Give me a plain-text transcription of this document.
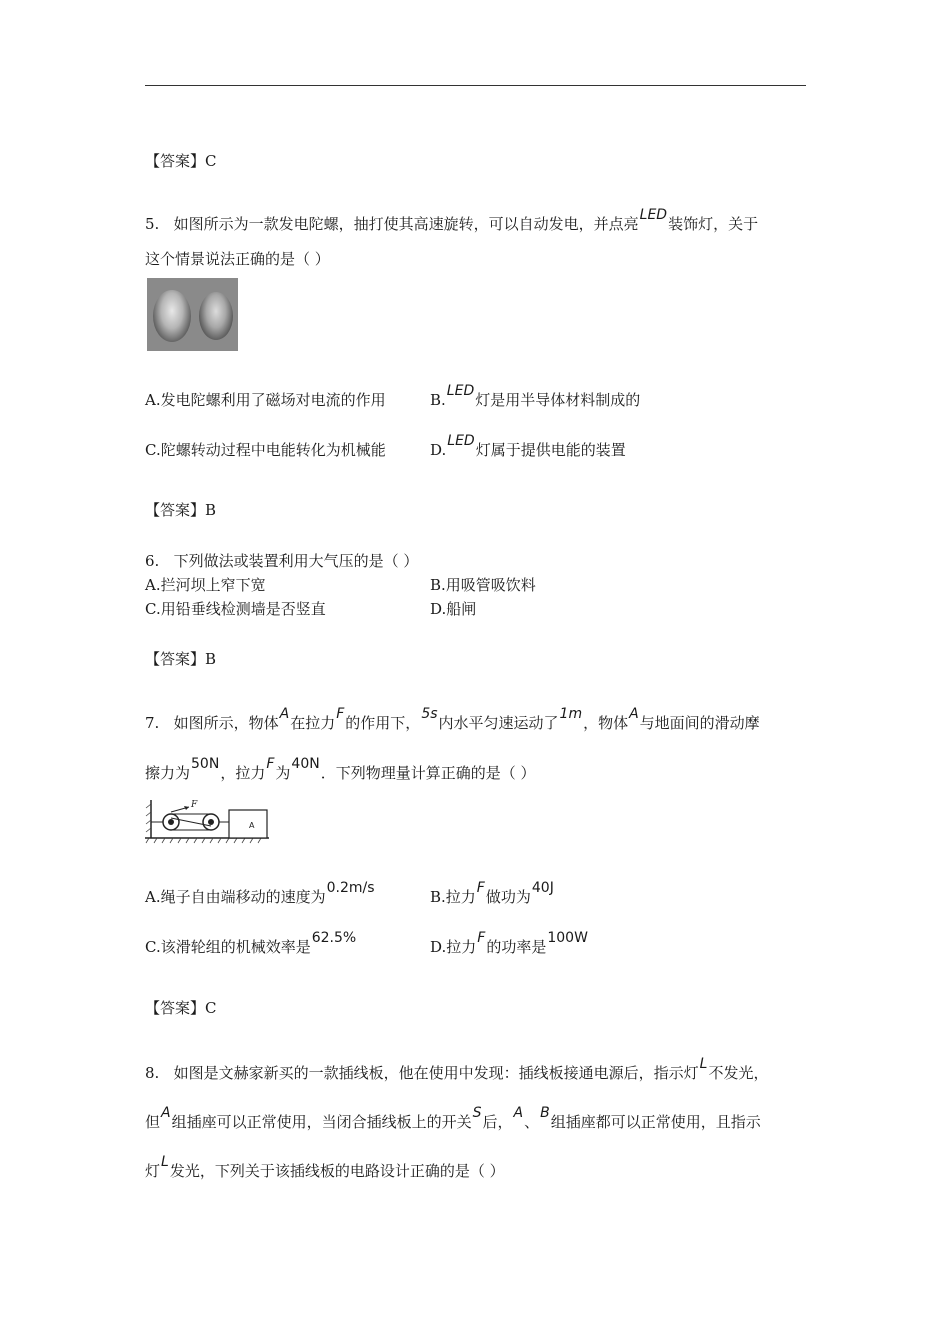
【答案】C
5. 如图所示为一款发电陀螺，抽打使其高速旋转，可以自动发电，并点亮LED装饰灯，关于
这个情景说法正确的是（ ）
A.发电陀螺利用了磁场对电流的作用	B.LED灯是用半导体材料制成的
C.陀螺转动过程中电能转化为机械能	D.LED灯属于提供电能的装置
【答案】B
6. 下列做法或装置利用大气压的是（ ）
A.拦河坝上窄下宽	B.用吸管吸饮料
C.用铅垂线检测墙是否竖直	D.船闸
【答案】B
7. 如图所示，物体A在拉力F的作用下，5s内水平匀速运动了1m，物体A与地面间的滑动摩
擦力为50N，拉力F为40N．下列物理量计算正确的是（ ）
F
A
A.绳子自由端移动的速度为0.2m/s	B.拉力F做功为40J
C.该滑轮组的机械效率是62.5%	D.拉力F的功率是100W
【答案】C
8. 如图是文赫家新买的一款插线板，他在使用中发现：插线板接通电源后，指示灯L不发光，
但A组插座可以正常使用，当闭合插线板上的开关S后，A、B组插座都可以正常使用，且指示
灯L发光，下列关于该插线板的电路设计正确的是（ ）
